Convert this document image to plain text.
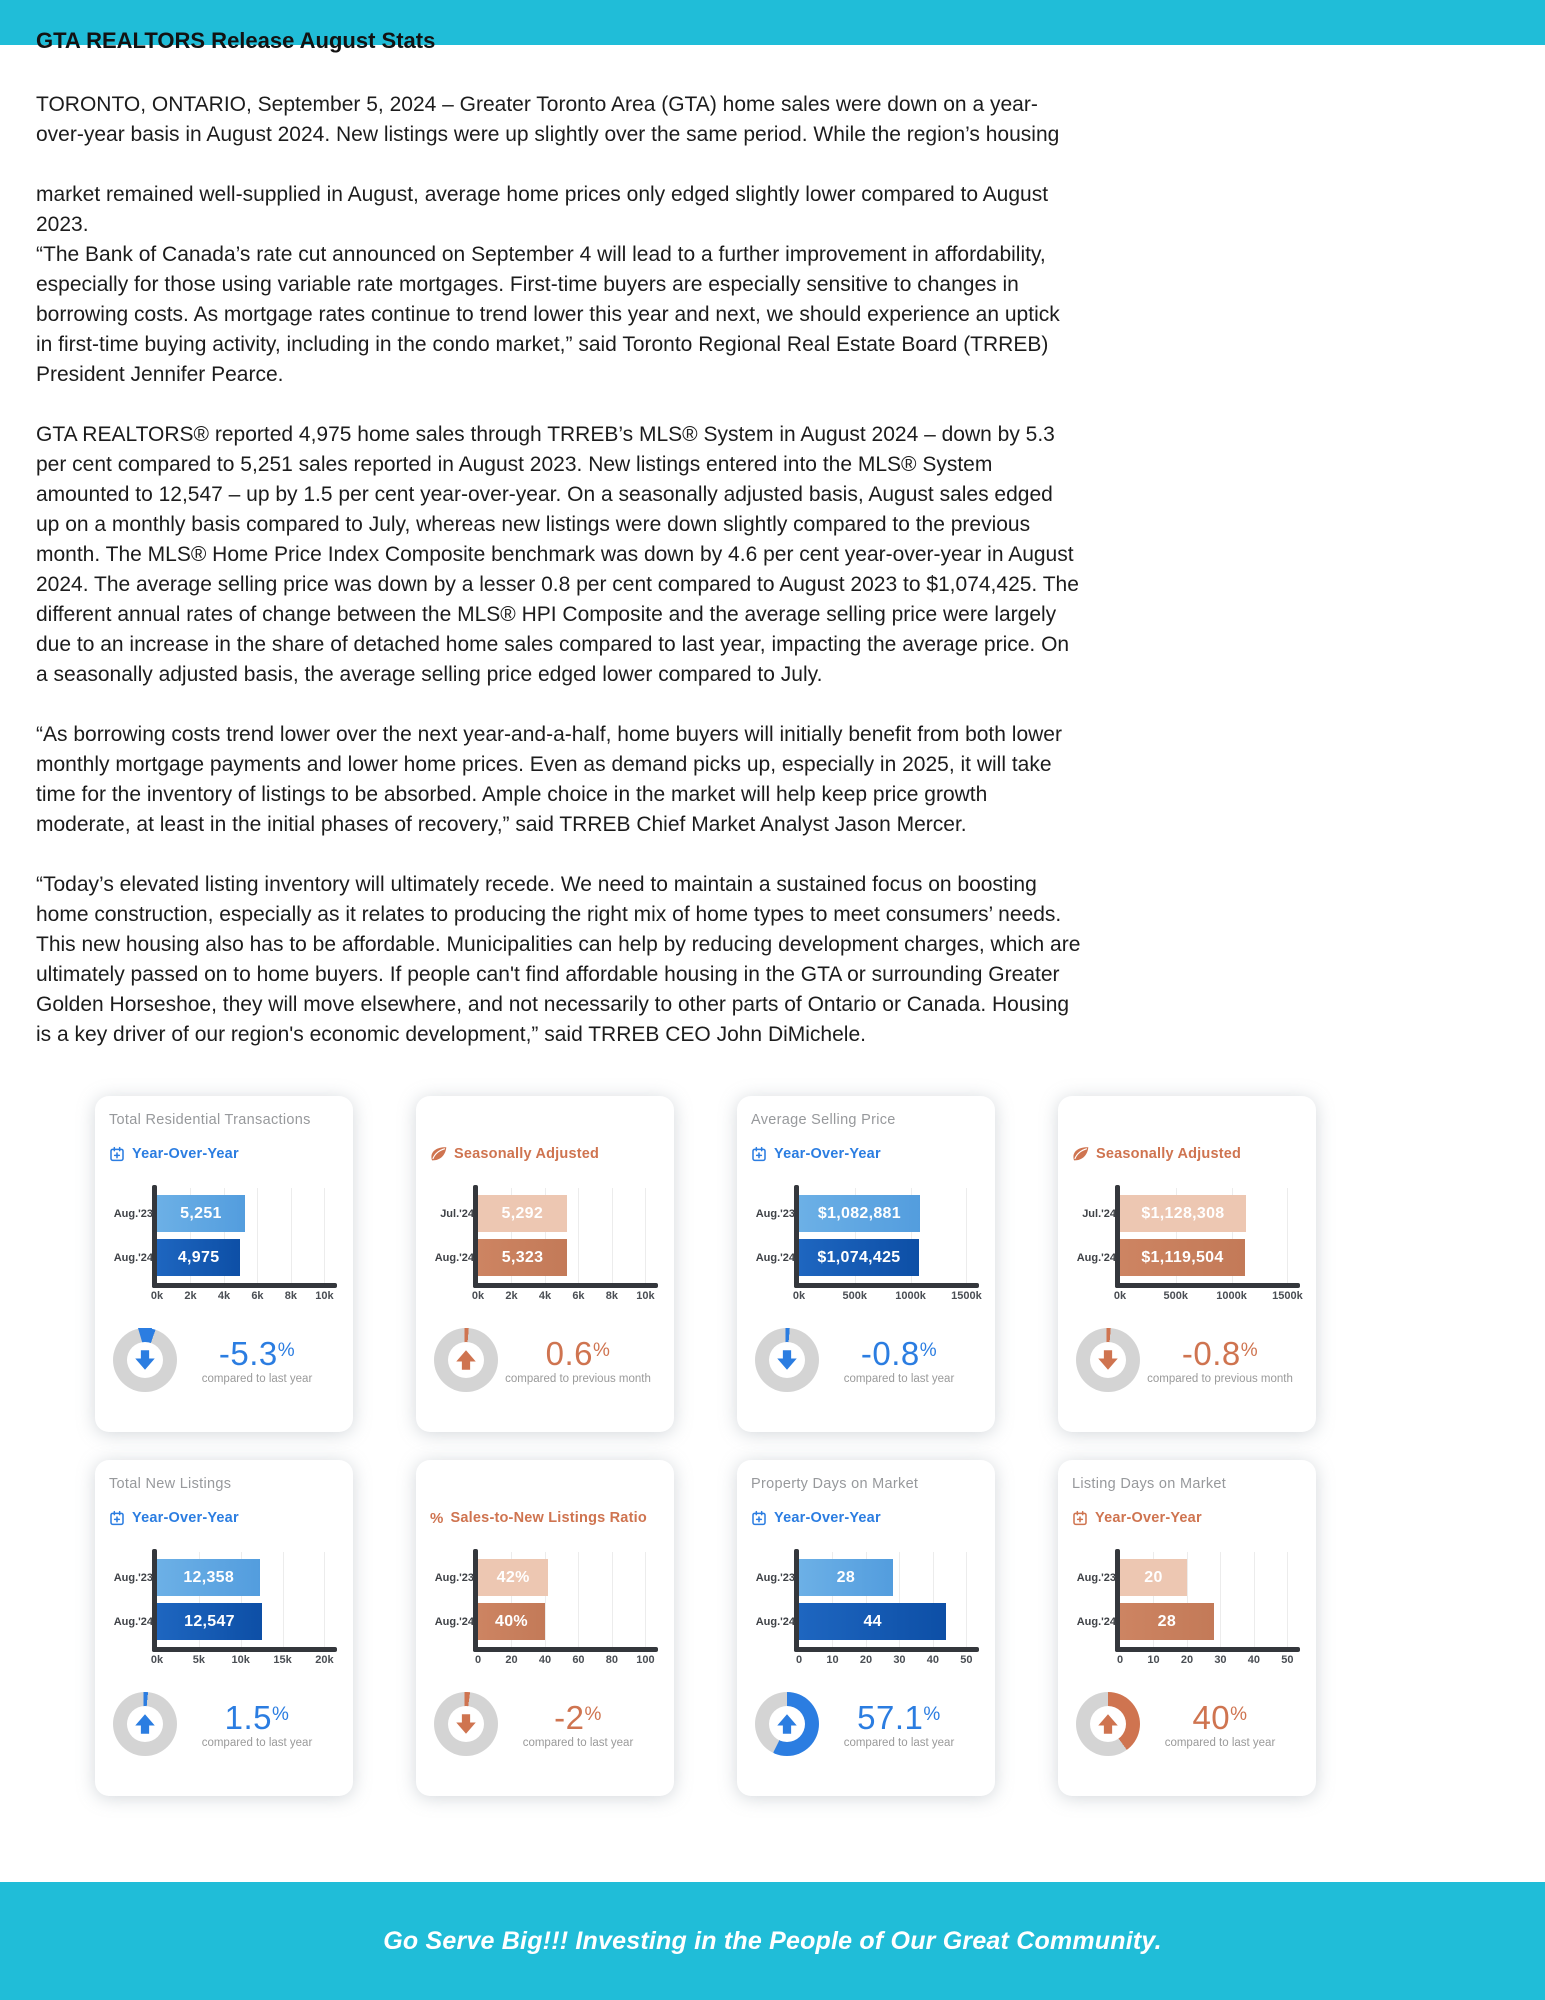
GTA REALTORS Release August Stats

TORONTO, ONTARIO, September 5, 2024 – Greater Toronto Area (GTA) home sales were down on a year-over-year basis in August 2024. New listings were up slightly over the same period. While the region’s housing

market remained well-supplied in August, average home prices only edged slightly lower compared to August 2023.

“The Bank of Canada’s rate cut announced on September 4 will lead to a further improvement in affordability, especially for those using variable rate mortgages. First-time buyers are especially sensitive to changes in borrowing costs. As mortgage rates continue to trend lower this year and next, we should experience an uptick in first-time buying activity, including in the condo market,” said Toronto Regional Real Estate Board (TRREB) President Jennifer Pearce.

GTA REALTORS® reported 4,975 home sales through TRREB’s MLS® System in August 2024 – down by 5.3 per cent compared to 5,251 sales reported in August 2023. New listings entered into the MLS® System amounted to 12,547 – up by 1.5 per cent year-over-year. On a seasonally adjusted basis, August sales edged up on a monthly basis compared to July, whereas new listings were down slightly compared to the previous month. The MLS® Home Price Index Composite benchmark was down by 4.6 per cent year-over-year in August 2024. The average selling price was down by a lesser 0.8 per cent compared to August 2023 to $1,074,425. The different annual rates of change between the MLS® HPI Composite and the average selling price were largely due to an increase in the share of detached home sales compared to last year, impacting the average price. On a seasonally adjusted basis, the average selling price edged lower compared to July.

“As borrowing costs trend lower over the next year-and-a-half, home buyers will initially benefit from both lower monthly mortgage payments and lower home prices. Even as demand picks up, especially in 2025, it will take time for the inventory of listings to be absorbed. Ample choice in the market will help keep price growth moderate, at least in the initial phases of recovery,” said TRREB Chief Market Analyst Jason Mercer.

“Today’s elevated listing inventory will ultimately recede. We need to maintain a sustained focus on boosting home construction, especially as it relates to producing the right mix of home types to meet consumers’ needs. This new housing also has to be affordable. Municipalities can help by reducing development charges, which are ultimately passed on to home buyers. If people can't find affordable housing in the GTA or surrounding Greater Golden Horseshoe, they will move elsewhere, and not necessarily to other parts of Ontario or Canada. Housing is a key driver of our region's economic development,” said TRREB CEO John DiMichele.

Total Residential Transactions
Year-Over-Year
Aug.'23 5,251
Aug.'24 4,975
0k 2k 4k 6k 8k 10k
-5.3%
compared to last year
Seasonally Adjusted
Jul.'24 5,292
Aug.'24 5,323
0k 2k 4k 6k 8k 10k
0.6%
compared to previous month
Average Selling Price
Year-Over-Year
Aug.'23 $1,082,881
Aug.'24 $1,074,425
0k	500k	1000k 1500k
-0.8%
compared to last year
Seasonally Adjusted
Jul.'24 $1,128,308
Aug.'24 $1,119,504
0k	500k	1000k 1500k
-0.8%
compared to previous month
Total New Listings
Year-Over-Year
Aug.'23 12,358
Aug.'24 12,547
0k	5k 10k 15k 20k
1.5%
compared to last year
% Sales-to-New Listings Ratio
Aug.'23 42%
Aug.'24 40%
0 20 40 60 80 100
-2%
compared to last year
Property Days on Market
Year-Over-Year
Aug.'23	28
Aug.'24	44
0 10 20 30 40 50
57.1%
compared to last year
Listing Days on Market
Year-Over-Year
Aug.'23 20
Aug.'24	28
0 10 20 30 40 50
40%
compared to last year
Go Serve Big!!! Investing in the People of Our Great Community.
